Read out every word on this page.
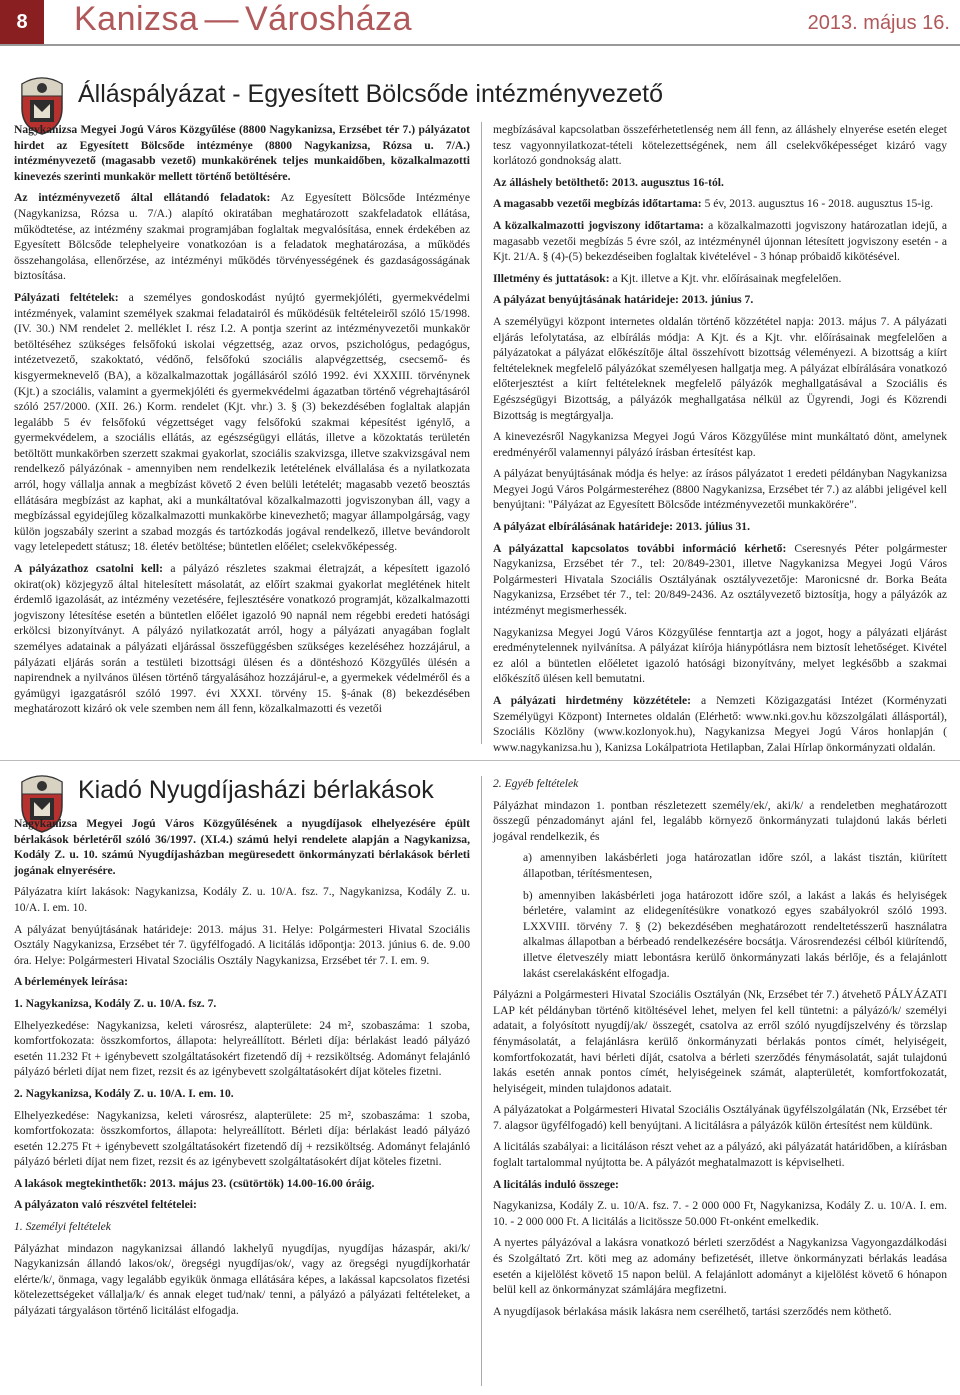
8 Kanizsa — Városháza	2013. május 16.
Álláspályázat - Egyesített Bölcsőde intézményvezető

Nagykanizsa Megyei Jogú Város Közgyűlése (8800 Nagykanizsa, Erzsébet tér 7.) pályázatot hirdet az Egyesített Bölcsőde intézménye (8800 Nagykanizsa, Rózsa u. 7/A.) intézményvezető (magasabb vezető) munkakörének teljes munkaidőben, közalkalmazotti kinevezés szerinti munkakör mellett történő betöltésére.

Az intézményvezető által ellátandó feladatok: Az Egyesített Bölcsőde Intézménye (Nagykanizsa, Rózsa u. 7/A.) alapító okiratában meghatározott szakfeladatok ellátása, működtetése, az intézmény szakmai programjában foglaltak megvalósítása, ennek érdekében az Egyesített Bölcsőde telephelyeire vonatkozóan is a feladatok meghatározása, a működés összehangolása, ellenőrzése, az intézményi működés törvényességének és gazdaságosságának biztosítása.

Pályázati feltételek: a személyes gondoskodást nyújtó gyermekjóléti, gyermekvédelmi intézmények, valamint személyek szakmai feladatairól és működésük feltételeiről szóló 15/1998. (IV. 30.) NM rendelet 2. melléklet I. rész I.2. A pontja szerint az intézményvezetői munkakör betöltéséhez szükséges felsőfokú iskolai végzettség, azaz orvos, pszichológus, pedagógus, intézetvezető, szakoktató, védőnő, felsőfokú szociális alapvégzettség, csecsemő- és kisgyermeknevelő (BA), a közalkalmazottak jogállásáról szóló 1992. évi XXXIII. törvénynek (Kjt.) a szociális, valamint a gyermekjóléti és gyermekvédelmi ágazatban történő végrehajtásáról szóló 257/2000. (XII. 26.) Korm. rendelet (Kjt. vhr.) 3. § (3) bekezdésében foglaltak alapján legalább 5 év felsőfokú végzettséget vagy felsőfokú szakmai képesítést igénylő, a gyermekvédelem, a szociális ellátás, az egészségügyi ellátás, illetve a közoktatás területén betöltött munkakörben szerzett szakmai gyakorlat, szociális szakvizsga, illetve szakvizsgával nem rendelkező pályázónak - amennyiben nem rendelkezik letételének elvállalása és a nyilatkozata arról, hogy vállalja annak a megbízást követő 2 éven belüli letételét; magasabb vezető beosztás ellátására megbízást az kaphat, aki a munkáltatóval közalkalmazotti jogviszonyban áll, vagy a megbízással egyidejűleg közalkalmazotti munkakörbe kinevezhető; magyar állampolgárság, vagy külön jogszabály szerint a szabad mozgás és tartózkodás jogával rendelkező, illetve bevándorolt vagy letelepedett státusz; 18. életév betöltése; büntetlen előélet; cselekvőképesség.

A pályázathoz csatolni kell: a pályázó részletes szakmai életrajzát, a képesített igazoló okirat(ok) közjegyző által hitelesített másolatát, az előírt szakmai gyakorlat meglétének hitelt érdemlő igazolását, az intézmény vezetésére, fejlesztésére vonatkozó programját, közalkalmazotti jogviszony létesítése esetén a büntetlen előélet igazoló 90 napnál nem régebbi eredeti hatósági erkölcsi bizonyítványt. A pályázó nyilatkozatát arról, hogy a pályázati anyagában foglalt személyes adatainak a pályázati eljárással összefüggésben szükséges kezeléséhez hozzájárul, a pályázati eljárás során a testületi bizottsági ülésen és a döntéshozó Közgyűlés ülésén a napirendnek a nyilvános ülésen történő tárgyalásához hozzájárul-e, a gyermekek védelméről és a gyámügyi igazgatásról szóló 1997. évi XXXI. törvény 15. §-ának (8) bekezdésében meghatározott kizáró ok vele szemben nem áll fenn, közalkalmazotti és vezetői

megbízásával kapcsolatban összeférhetetlenség nem áll fenn, az álláshely elnyerése esetén eleget tesz vagyonnyilatkozat-tételi kötelezettségének, nem áll cselekvőképességet kizáró vagy korlátozó gondnokság alatt.

Az álláshely betölthető: 2013. augusztus 16-tól.

A magasabb vezetői megbízás időtartama: 5 év, 2013. augusztus 16 - 2018. augusztus 15-ig.

A közalkalmazotti jogviszony időtartama: a közalkalmazotti jogviszony határozatlan idejű, a magasabb vezetői megbízás 5 évre szól, az intézménynél újonnan létesített jogviszony esetén - a Kjt. 21/A. § (4)-(5) bekezdéseiben foglaltak kivételével - 3 hónap próbaidő kikötésével.

Illetmény és juttatások: a Kjt. illetve a Kjt. vhr. előírásainak megfelelően.

A pályázat benyújtásának határideje: 2013. június 7.

A személyügyi központ internetes oldalán történő közzététel napja: 2013. május 7. A pályázati eljárás lefolytatása, az elbírálás módja: A Kjt. és a Kjt. vhr. előírásainak megfelelően a pályázatokat a pályázat előkészítője által összehívott bizottság véleményezi. A bizottság a kiírt feltételeknek megfelelő pályázókat személyesen hallgatja meg. A pályázat elbírálására vonatkozó előterjesztést a kiírt feltételeknek megfelelő pályázók meghallgatásával a Szociális és Egészségügyi Bizottság, a pályázók meghallgatása nélkül az Ügyrendi, Jogi és Közrendi Bizottság is megtárgyalja.

A kinevezésről Nagykanizsa Megyei Jogú Város Közgyűlése mint munkáltató dönt, amelynek eredményéről valamennyi pályázó írásban értesítést kap.

A pályázat benyújtásának módja és helye: az írásos pályázatot 1 eredeti példányban Nagykanizsa Megyei Jogú Város Polgármesteréhez (8800 Nagykanizsa, Erzsébet tér 7.) az alábbi jeligével kell benyújtani: "Pályázat az Egyesített Bölcsőde intézményvezetői munkakörére".

A pályázat elbírálásának határideje: 2013. július 31.

A pályázattal kapcsolatos további információ kérhető: Cseresnyés Péter polgármester Nagykanizsa, Erzsébet tér 7., tel: 20/849-2301, illetve Nagykanizsa Megyei Jogú Város Polgármesteri Hivatala Szociális Osztályának osztályvezetője: Maronicsné dr. Borka Beáta Nagykanizsa, Erzsébet tér 7., tel: 20/849-2436. Az osztályvezető biztosítja, hogy a pályázók az intézményt megismerhessék.

Nagykanizsa Megyei Jogú Város Közgyűlése fenntartja azt a jogot, hogy a pályázati eljárást eredménytelennek nyilvánítsa. A pályázat kiírója hiánypótlásra nem biztosít lehetőséget. Kivétel ez alól a büntetlen előéletet igazoló hatósági bizonyítvány, melyet legkésőbb a szakmai előkészítő ülésen kell bemutatni.

A pályázati hirdetmény közzététele: a Nemzeti Közigazgatási Intézet (Korményzati Személyügyi Központ) Internetes oldalán (Elérhető: www.nki.gov.hu közszolgálati állásportál), Szociális Közlöny (www.kozlonyok.hu), Nagykanizsa Megyei Jogú Város honlapján ( www.nagykanizsa.hu ), Kanizsa Lokálpatriota Hetilapban, Zalai Hírlap önkormányzati oldalán.

Kiadó Nyugdíjasházi bérlakások

Nagykanizsa Megyei Jogú Város Közgyűlésének a nyugdíjasok elhelyezésére épült bérlakások bérletéről szóló 36/1997. (XI.4.) számú helyi rendelete alapján a Nagykanizsa, Kodály Z. u. 10. számú Nyugdíjasházban megüresedett önkormányzati bérlakások bérleti jogának elnyerésére.

Pályázatra kiírt lakások: Nagykanizsa, Kodály Z. u. 10/A. fsz. 7., Nagykanizsa, Kodály Z. u. 10/A. I. em. 10.

A pályázat benyújtásának határideje: 2013. május 31. Helye: Polgármesteri Hivatal Szociális Osztály Nagykanizsa, Erzsébet tér 7. ügyfélfogadó. A licitálás időpontja: 2013. június 6. de. 9.00 óra. Helye: Polgármesteri Hivatal Szociális Osztály Nagykanizsa, Erzsébet tér 7. I. em. 9.

A bérlemények leírása:

1. Nagykanizsa, Kodály Z. u. 10/A. fsz. 7.

Elhelyezkedése: Nagykanizsa, keleti városrész, alapterülete: 24 m², szobaszáma: 1 szoba, komfortfokozata: összkomfortos, állapota: helyreállított. Bérleti díja: bérlakást leadó pályázó esetén 11.232 Ft + igénybevett szolgáltatásokért fizetendő díj + rezsiköltség. Adományt felajánló pályázó bérleti díjat nem fizet, rezsit és az igénybevett szolgáltatásokért díjat köteles fizetni.

2. Nagykanizsa, Kodály Z. u. 10/A. I. em. 10.

Elhelyezkedése: Nagykanizsa, keleti városrész, alapterülete: 25 m², szobaszáma: 1 szoba, komfortfokozata: összkomfortos, állapota: helyreállított. Bérleti díja: bérlakást leadó pályázó esetén 12.275 Ft + igénybevett szolgáltatásokért fizetendő díj + rezsiköltség. Adományt felajánló pályázó bérleti díjat nem fizet, rezsit és az igénybevett szolgáltatásokért díjat köteles fizetni.

A lakások megtekinthetők: 2013. május 23. (csütörtök) 14.00-16.00 óráig.

A pályázaton való részvétel feltételei:

1. Személyi feltételek

Pályázhat mindazon nagykanizsai állandó lakhelyű nyugdíjas, nyugdíjas házaspár, aki/k/ Nagykanizsán állandó lakos/ok/, öregségi nyugdíjas/ok/, vagy az öregségi nyugdíjkorhatár elérte/k/, önmaga, vagy legalább egyikük önmaga ellátására képes, a lakással kapcsolatos fizetési kötelezettségeket vállalja/k/ és annak eleget tud/nak/ tenni, a pályázó a pályázati feltételeket, a pályázati tárgyaláson történő licitálást elfogadja.

2. Egyéb feltételek

Pályázhat mindazon 1. pontban részletezett személy/ek/, aki/k/ a rendeletben meghatározott összegű pénzadományt ajánl fel, legalább környező önkormányzati tulajdonú lakás bérleti jogával rendelkezik, és

a) amennyiben lakásbérleti joga határozatlan időre szól, a lakást tisztán, kiürített állapotban, térítésmentesen,

b) amennyiben lakásbérleti joga határozott időre szól, a lakást a lakás és helyiségek bérletére, valamint az elidegenítésükre vonatkozó egyes szabályokról szóló 1993. LXXVIII. törvény 7. § (2) bekezdésében meghatározott rendeltetésszerű használatra alkalmas állapotban a bérbeadó rendelkezésére bocsátja. Városrendezési célból kiürítendő, illetve életveszély miatt lebontásra kerülő önkormányzati lakás bérlője, és a felajánlott lakást cserelakásként elfogadja.

Pályázni a Polgármesteri Hivatal Szociális Osztályán (Nk, Erzsébet tér 7.) átvehető PÁLYÁZATI LAP két példányban történő kitöltésével lehet, melyen fel kell tüntetni: a pályázó/k/ személyi adatait, a folyósított nyugdíj/ak/ összegét, csatolva az erről szóló nyugdíjszelvény és törzslap fénymásolatát, a felajánlásra kerülő önkormányzati bérlakás pontos címét, helyiségeit, komfortfokozatát, havi bérleti díját, csatolva a bérleti szerződés fénymásolatát, saját tulajdonú lakás esetén annak pontos címét, helyiségeinek számát, alapterületét, komfortfokozatát, helyiségeit, minden tulajdonos adatait.

A pályázatokat a Polgármesteri Hivatal Szociális Osztályának ügyfélszolgálatán (Nk, Erzsébet tér 7. alagsor ügyfélfogadó) kell benyújtani. A licitálásra a pályázók külön értesítést nem küldünk.

A licitálás szabályai: a licitáláson részt vehet az a pályázó, aki pályázatát határidőben, a kiírásban foglalt tartalommal nyújtotta be. A pályázót meghatalmazott is képviselheti.

A licitálás induló összege:

Nagykanizsa, Kodály Z. u. 10/A. fsz. 7. - 2 000 000 Ft, Nagykanizsa, Kodály Z. u. 10/A. I. em. 10. - 2 000 000 Ft. A licitálás a licitössze 50.000 Ft-onként emelkedik.

A nyertes pályázóval a lakásra vonatkozó bérleti szerződést a Nagykanizsa Vagyongazdálkodási és Szolgáltató Zrt. köti meg az adomány befizetését, illetve önkormányzati bérlakás leadása esetén a kijelölést követő 15 napon belül. A felajánlott adományt a kijelölést követő 6 hónapon belül kell az önkormányzat számlájára megfizetni.

A nyugdíjasok bérlakása másik lakásra nem cserélhető, tartási szerződés nem köthető.
